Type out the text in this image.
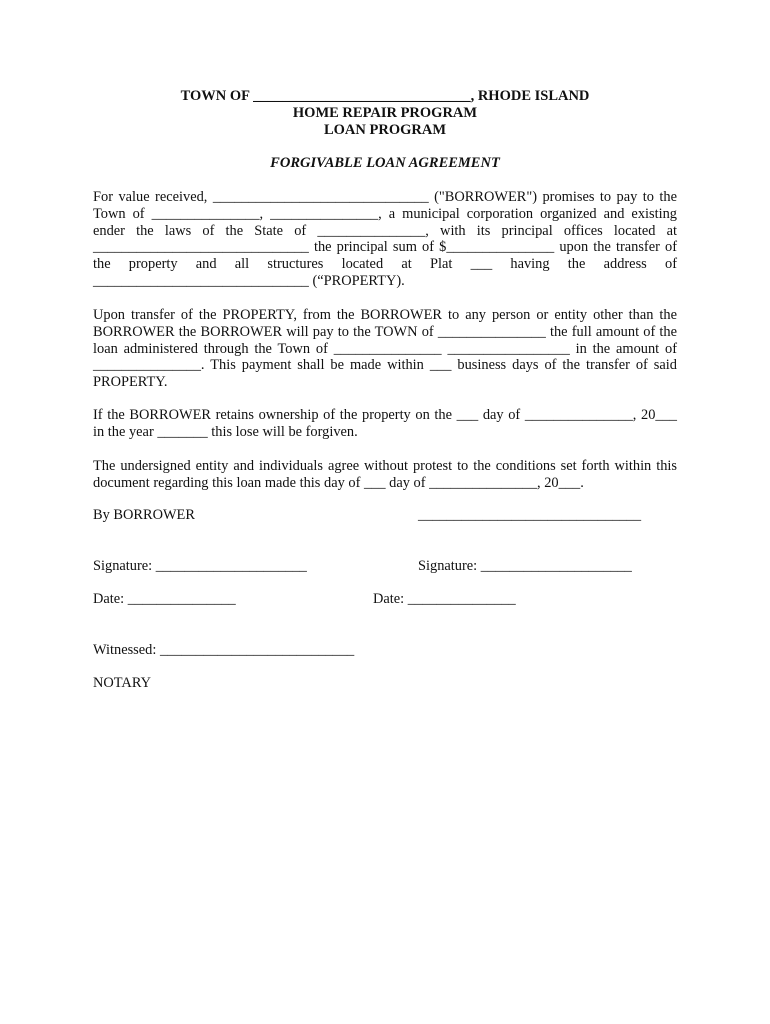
TOWN OF ______________________________, RHODE ISLAND
HOME REPAIR PROGRAM
LOAN PROGRAM
FORGIVABLE LOAN AGREEMENT

For value received, ______________________________ ("BORROWER") promises to pay to the Town of _______________, _______________, a municipal corporation organized and existing ender the laws of the State of _______________, with its principal offices located at ______________________________ the principal sum of $_______________ upon the transfer of the property and all structures located at Plat ___ having the address of ______________________________ (“PROPERTY).

Upon transfer of the PROPERTY, from the BORROWER to any person or entity other than the BORROWER the BORROWER will pay to the TOWN of _______________ the full amount of the loan administered through the Town of _______________ _________________ in the amount of _______________. This payment shall be made within ___ business days of the transfer of said PROPERTY.

If the BORROWER retains ownership of the property on the ___ day of _______________, 20___ in the year _______ this lose will be forgiven.

The undersigned entity and individuals agree without protest to the conditions set forth within this document regarding this loan made this day of ___ day of _______________, 20___.

By BORROWER	_______________________________
Signature: _____________________	Signature: _____________________
Date: _______________	Date: _______________
Witnessed: ___________________________
NOTARY
